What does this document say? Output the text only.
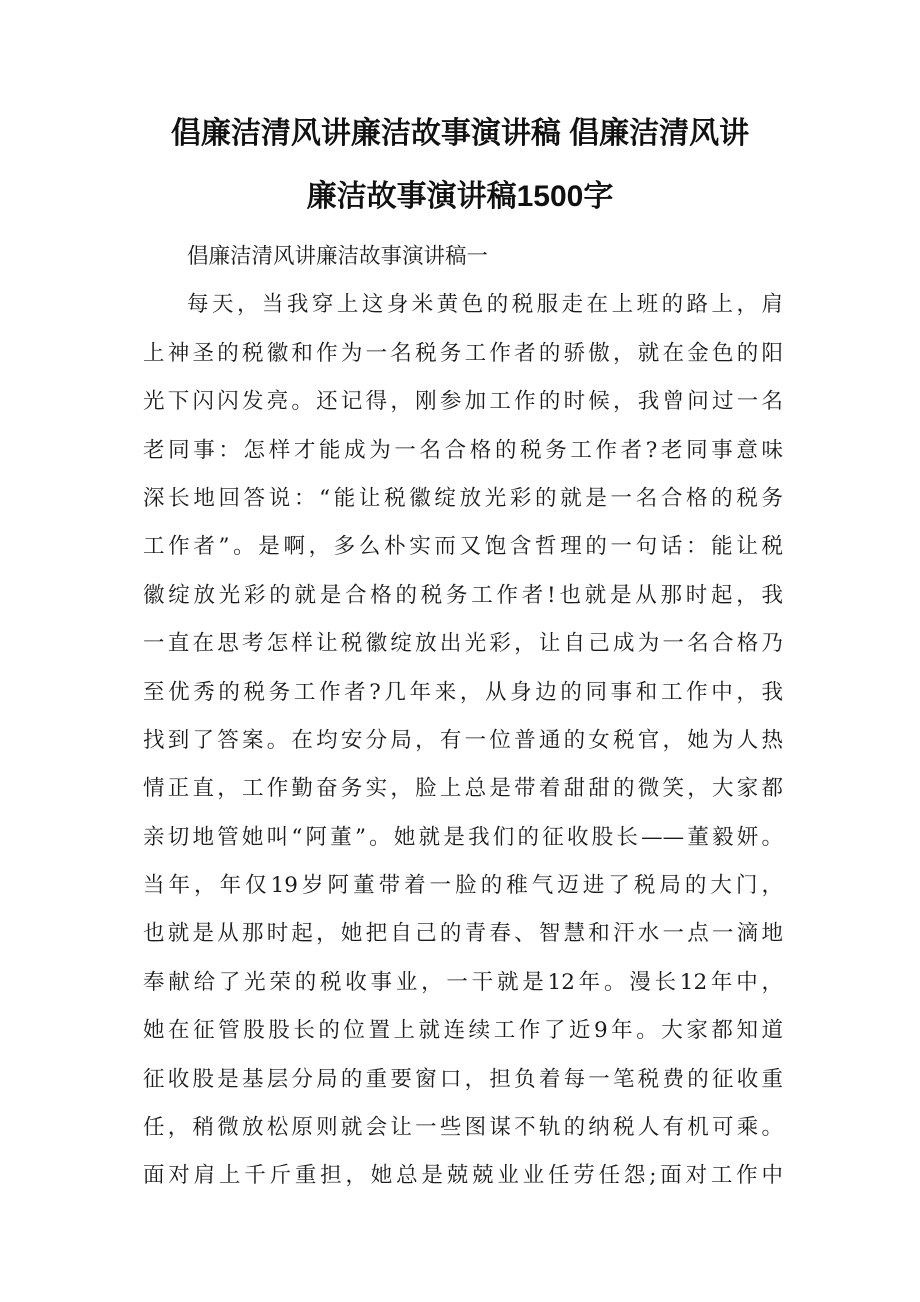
倡廉洁清风讲廉洁故事演讲稿 倡廉洁清风讲
廉洁故事演讲稿1500字
倡廉洁清风讲廉洁故事演讲稿一
每天，当我穿上这身米黄色的税服走在上班的路上，肩
上神圣的税徽和作为一名税务工作者的骄傲，就在金色的阳
光下闪闪发亮。还记得，刚参加工作的时候，我曾问过一名
老同事：怎样才能成为一名合格的税务工作者?老同事意味
深长地回答说：“能让税徽绽放光彩的就是一名合格的税务
工作者”。是啊，多么朴实而又饱含哲理的一句话：能让税
徽绽放光彩的就是合格的税务工作者!也就是从那时起，我
一直在思考怎样让税徽绽放出光彩，让自己成为一名合格乃
至优秀的税务工作者?几年来，从身边的同事和工作中，我
找到了答案。在均安分局，有一位普通的女税官，她为人热
情正直，工作勤奋务实，脸上总是带着甜甜的微笑，大家都
亲切地管她叫“阿董”。她就是我们的征收股长——董毅妍。
当年，年仅19岁阿董带着一脸的稚气迈进了税局的大门，
也就是从那时起，她把自己的青春、智慧和汗水一点一滴地
奉献给了光荣的税收事业，一干就是12年。漫长12年中，
她在征管股股长的位置上就连续工作了近9年。大家都知道
征收股是基层分局的重要窗口，担负着每一笔税费的征收重
任，稍微放松原则就会让一些图谋不轨的纳税人有机可乘。
面对肩上千斤重担，她总是兢兢业业任劳任怨;面对工作中
